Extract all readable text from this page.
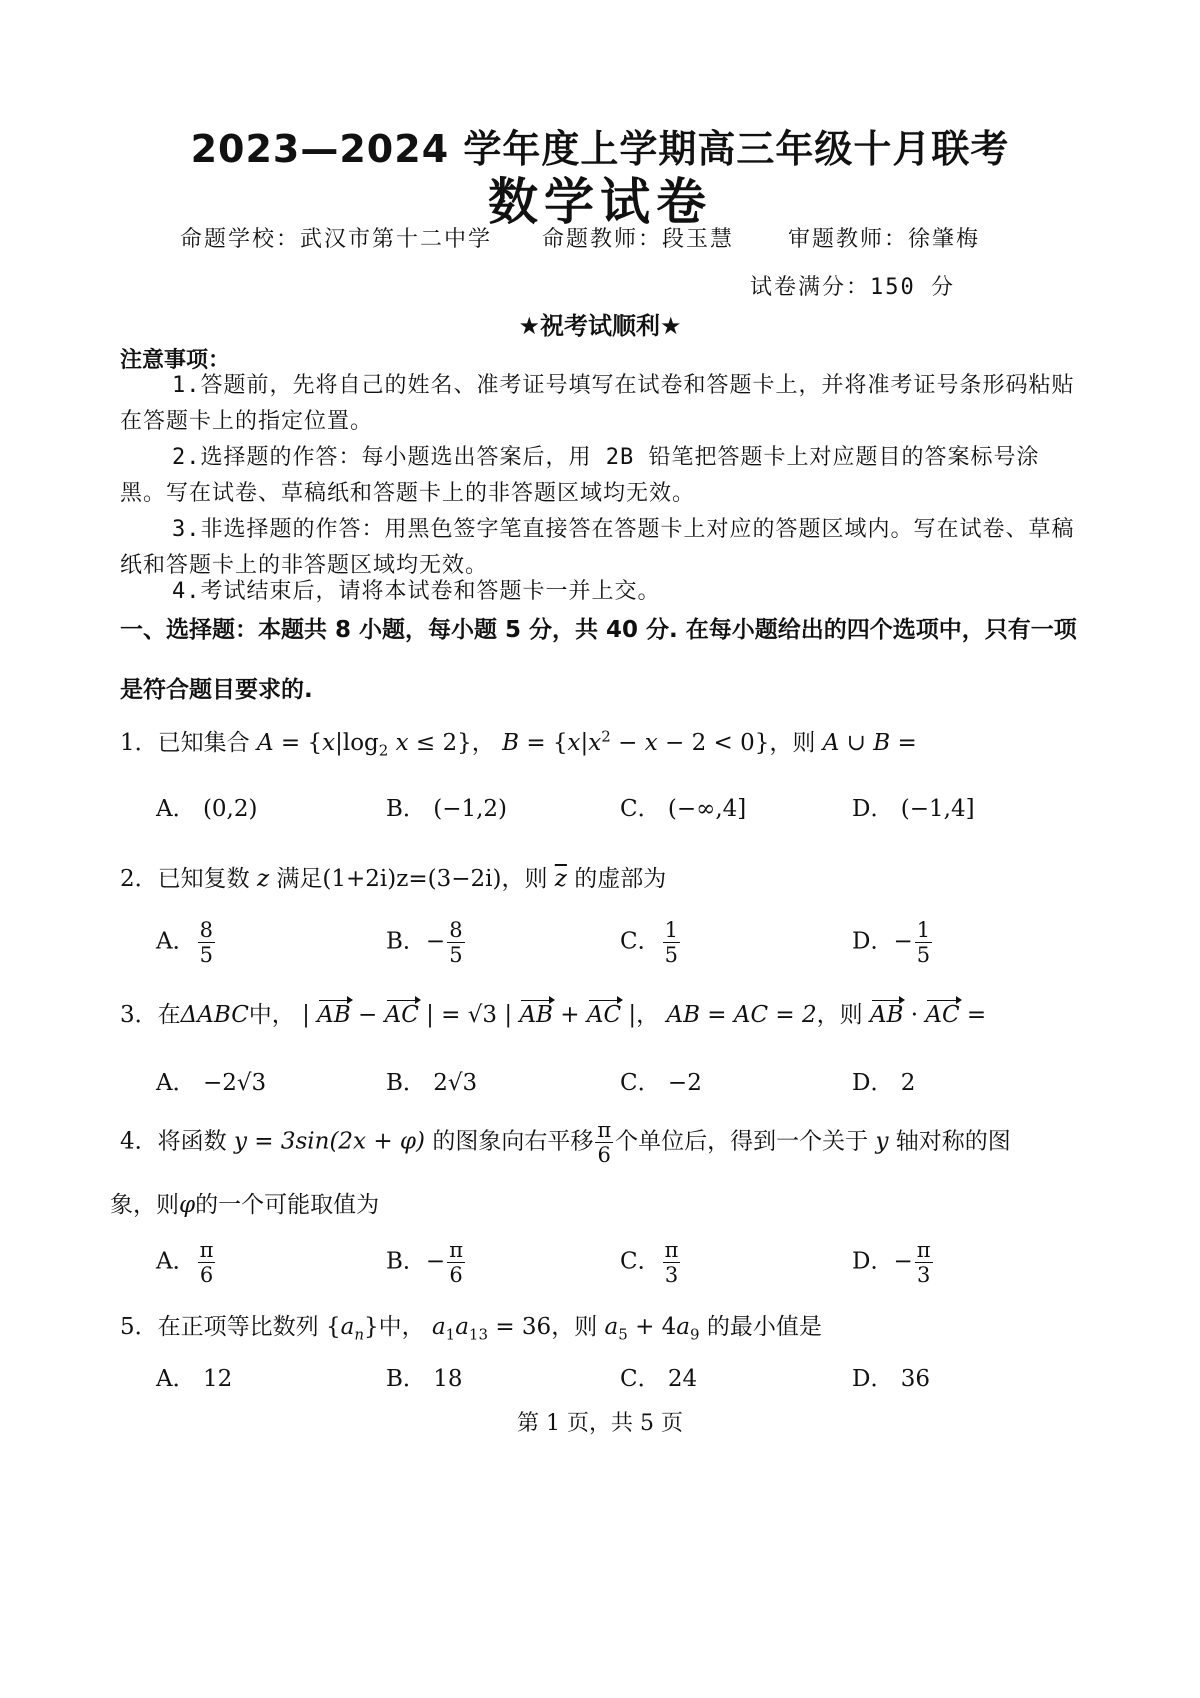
2023—2024 学年度上学期高三年级十月联考
数学试卷
命题学校：武汉市第十二中学 命题教师：段玉慧 审题教师：徐肇梅
试卷满分：150 分
★祝考试顺利★
注意事项：
1.答题前，先将自己的姓名、准考证号填写在试卷和答题卡上，并将准考证号条形码粘贴在答题卡上的指定位置。
2.选择题的作答：每小题选出答案后，用 2B 铅笔把答题卡上对应题目的答案标号涂黑。写在试卷、草稿纸和答题卡上的非答题区域均无效。
3.非选择题的作答：用黑色签字笔直接答在答题卡上对应的答题区域内。写在试卷、草稿纸和答题卡上的非答题区域均无效。
4.考试结束后，请将本试卷和答题卡一并上交。
一、选择题：本题共 8 小题，每小题 5 分，共 40 分. 在每小题给出的四个选项中，只有一项是符合题目要求的.
1．已知集合 $A = \{x|\log_2$ x ≤ 2}， $B = \{x|x^2 - x - 2 < 0\}$，则 A ∪ B =
A． (0,2)	B． (−1,2)	C． (−∞,4]	D． (−1,4]
2．已知复数 z 满足(1+2i)z=(3−2i)，则 $\overline{z}$ 的虚部为
A． $\frac{8}{5}$	B．− $\frac{8}{5}$	C． $\frac{1}{5}$	D．− $\frac{1}{5}$
3．在ΔABC中， | AB − AC | = √3 | AB + AC |， AB = AC = 2，则 AB · AC =
A． −2√3	B． 2√3	C． −2	D． 2
4．将函数 y = 3sin(2x + φ) 的图象向右平移 $\frac{\pi}{6}$ 个单位后，得到一个关于 y 轴对称的图
象，则φ的一个可能取值为
A． $\frac{\pi}{6}$	B．− $\frac{\pi}{6}$	C． $\frac{\pi}{3}$	D．− $\frac{\pi}{3}$
5．在正项等比数列 $\{a_n\}$中， $a_1a_{13} = 36$，则 $a_5 + 4a_9$ 的最小值是
A． 12	B． 18	C． 24	D． 36
第 1 页，共 5 页
